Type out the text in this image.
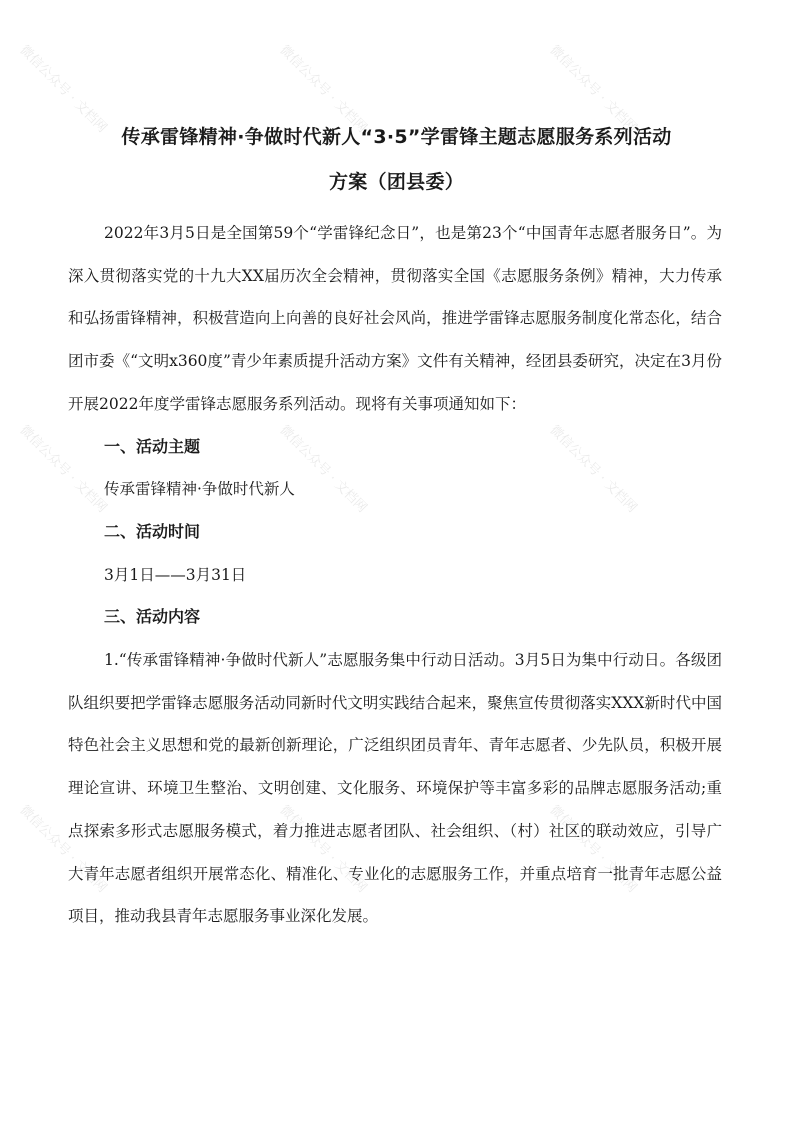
微信公众号 · 文档网	微信公众号 · 文档网	微信公众号 · 文档网
微信公众号 · 文档网	微信公众号 · 文档网	微信公众号 · 文档网
微信公众号 · 文档网	微信公众号 · 文档网	微信公众号 · 文档网
传承雷锋精神·争做时代新人“3·5”学雷锋主题志愿服务系列活动
方案（团县委）

2022年3月5日是全国第59个“学雷锋纪念日”，也是第23个“中国青年志愿者服务日”。为深入贯彻落实党的十九大XX届历次全会精神，贯彻落实全国《志愿服务条例》精神，大力传承和弘扬雷锋精神，积极营造向上向善的良好社会风尚，推进学雷锋志愿服务制度化常态化，结合团市委《“文明x360度”青少年素质提升活动方案》文件有关精神，经团县委研究，决定在3月份开展2022年度学雷锋志愿服务系列活动。现将有关事项通知如下：

一、活动主题

传承雷锋精神·争做时代新人

二、活动时间

3月1日——3月31日

三、活动内容

1.“传承雷锋精神·争做时代新人”志愿服务集中行动日活动。3月5日为集中行动日。各级团队组织要把学雷锋志愿服务活动同新时代文明实践结合起来，聚焦宣传贯彻落实XXX新时代中国特色社会主义思想和党的最新创新理论，广泛组织团员青年、青年志愿者、少先队员，积极开展理论宣讲、环境卫生整治、文明创建、文化服务、环境保护等丰富多彩的品牌志愿服务活动;重点探索多形式志愿服务模式，着力推进志愿者团队、社会组织、（村）社区的联动效应，引导广大青年志愿者组织开展常态化、精准化、专业化的志愿服务工作，并重点培育一批青年志愿公益项目，推动我县青年志愿服务事业深化发展。
